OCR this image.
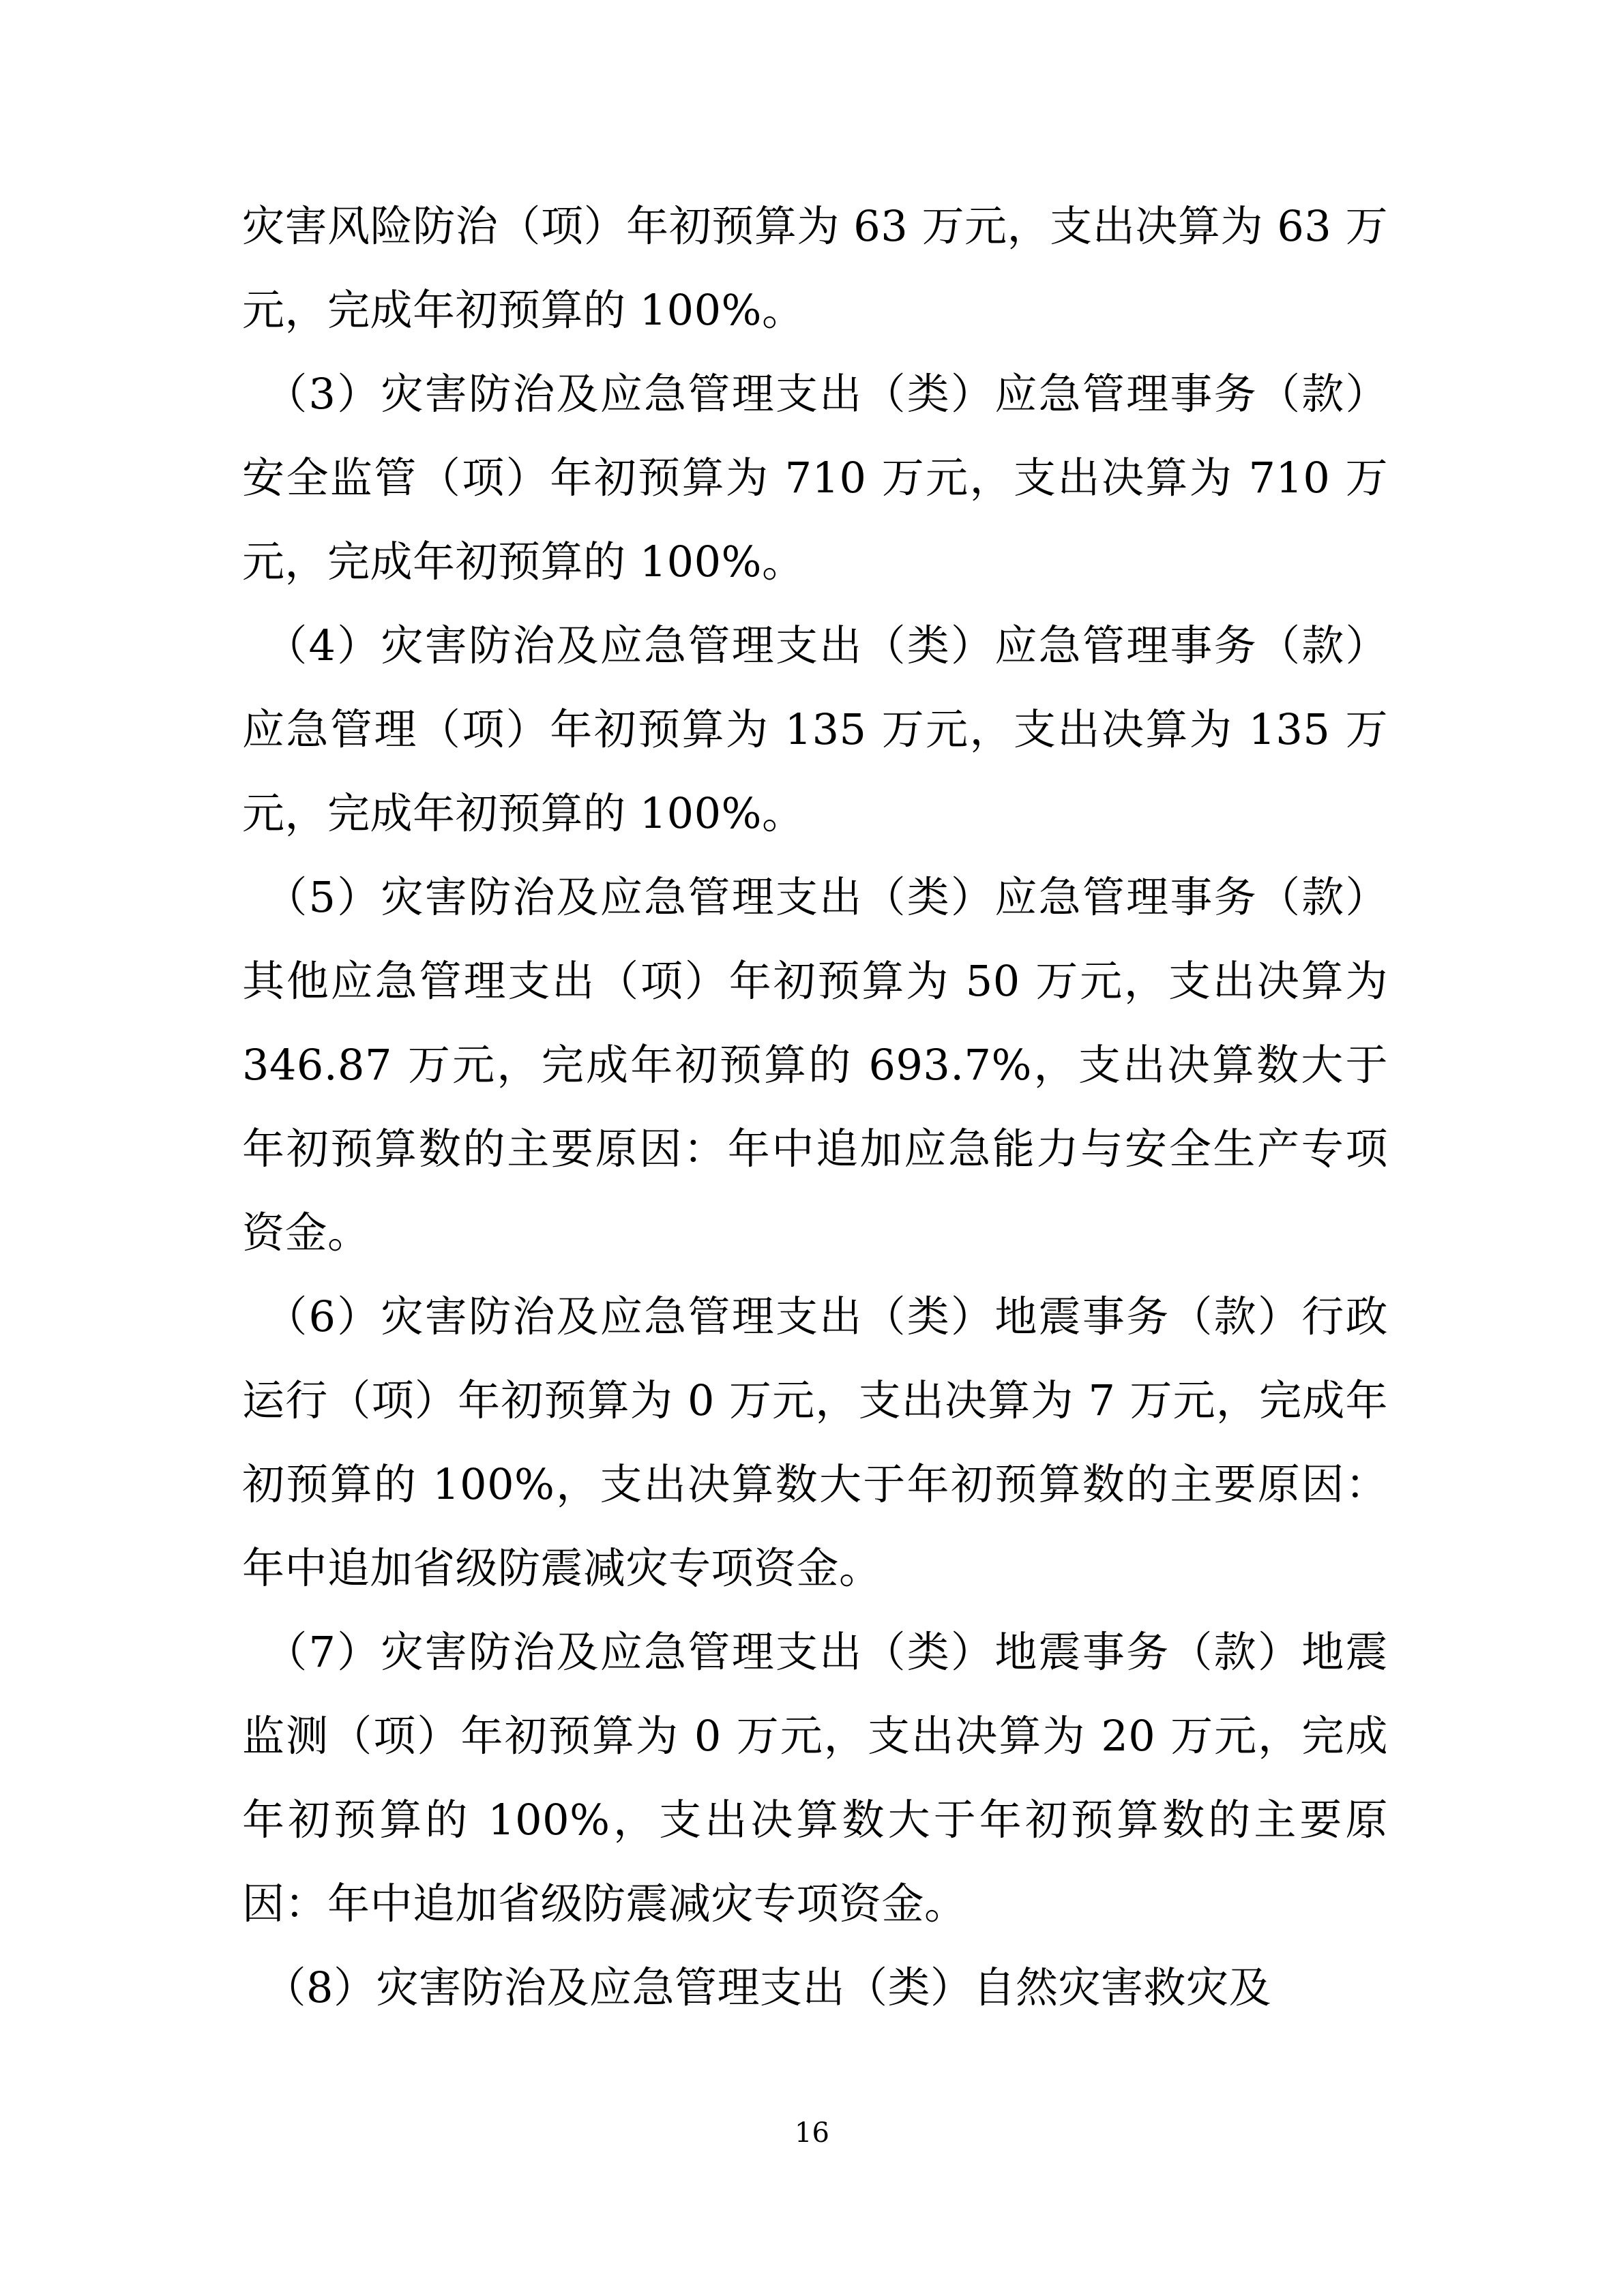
灾害风险防治（项）年初预算为 63 万元，支出决算为 63 万元，完成年初预算的 100%。

　（3）灾害防治及应急管理支出（类）应急管理事务（款）安全监管（项）年初预算为 710 万元，支出决算为 710 万元，完成年初预算的 100%。

　（4）灾害防治及应急管理支出（类）应急管理事务（款）应急管理（项）年初预算为 135 万元，支出决算为 135 万元，完成年初预算的 100%。

　（5）灾害防治及应急管理支出（类）应急管理事务（款）其他应急管理支出（项）年初预算为 50 万元，支出决算为 346.87 万元，完成年初预算的 693.7%，支出决算数大于年初预算数的主要原因：年中追加应急能力与安全生产专项资金。

　（6）灾害防治及应急管理支出（类）地震事务（款）行政运行（项）年初预算为 0 万元，支出决算为 7 万元，完成年初预算的 100%，支出决算数大于年初预算数的主要原因：年中追加省级防震减灾专项资金。

　（7）灾害防治及应急管理支出（类）地震事务（款）地震监测（项）年初预算为 0 万元，支出决算为 20 万元，完成年初预算的 100%，支出决算数大于年初预算数的主要原因：年中追加省级防震减灾专项资金。

　（8）灾害防治及应急管理支出（类）自然灾害救灾及

16
